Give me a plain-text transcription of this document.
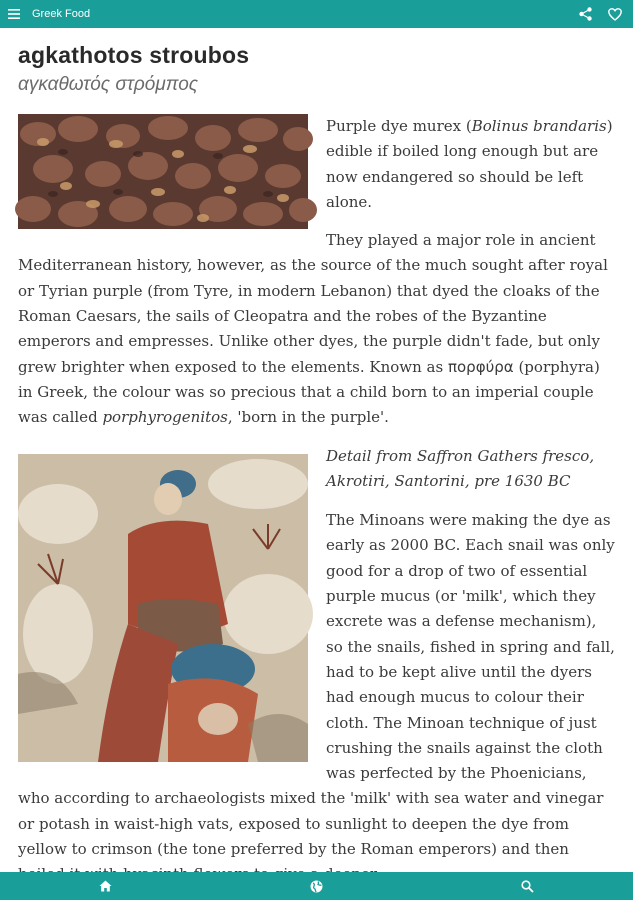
Greek Food
agkathotos stroubos
αγκαθωτός στρόμπος

Purple dye murex (Bolinus brandaris) edible if boiled long enough but are now endangered so should be left alone.

They played a major role in ancient Mediterranean history, however, as the source of the much sought after royal or Tyrian purple (from Tyre, in modern Lebanon) that dyed the cloaks of the Roman Caesars, the sails of Cleopatra and the robes of the Byzantine emperors and empresses. Unlike other dyes, the purple didn't fade, but only grew brighter when exposed to the elements. Known as πορφύρα (porphyra) in Greek, the colour was so precious that a child born to an imperial couple was called porphyrogenitos, 'born in the purple'.

Detail from Saffron Gathers fresco, Akrotiri, Santorini, pre 1630 BC

The Minoans were making the dye as early as 2000 BC. Each snail was only good for a drop of two of essential purple mucus (or 'milk', which they excrete was a defense mechanism), so the snails, fished in spring and fall, had to be kept alive until the dyers had enough mucus to colour their cloth. The Minoan technique of just crushing the snails against the cloth was perfected by the Phoenicians, who according to archaeologists mixed the 'milk' with sea water and vinegar or potash in waist-high vats, exposed to sunlight to deepen the dye from yellow to crimson (the tone preferred by the Roman emperors) and then
